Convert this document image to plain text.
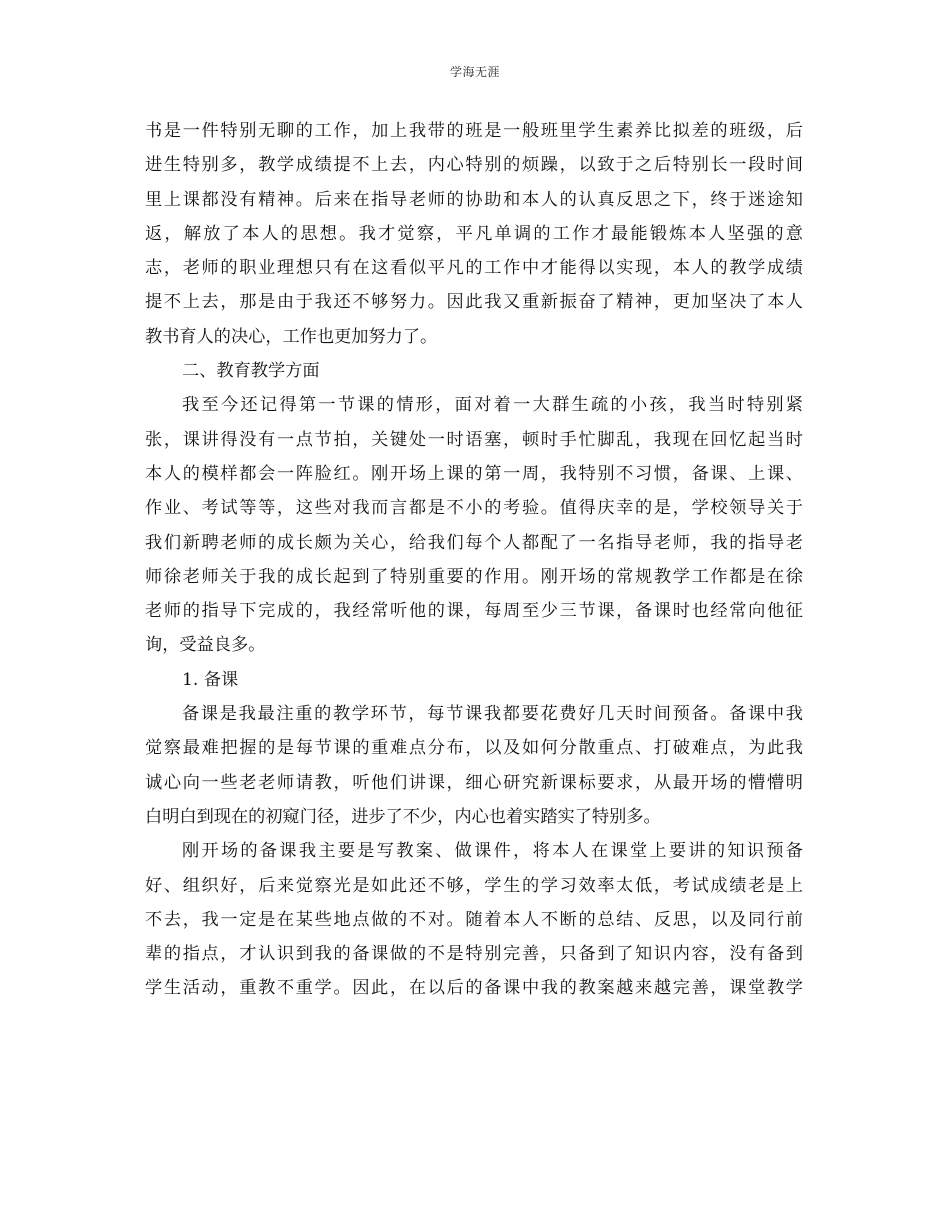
学海无涯
书是一件特别无聊的工作，加上我带的班是一般班里学生素养比拟差的班级，后
进生特别多，教学成绩提不上去，内心特别的烦躁，以致于之后特别长一段时间
里上课都没有精神。后来在指导老师的协助和本人的认真反思之下，终于迷途知
返，解放了本人的思想。我才觉察，平凡单调的工作才最能锻炼本人坚强的意
志，老师的职业理想只有在这看似平凡的工作中才能得以实现，本人的教学成绩
提不上去，那是由于我还不够努力。因此我又重新振奋了精神，更加坚决了本人
教书育人的决心，工作也更加努力了。
二、教育教学方面
我至今还记得第一节课的情形，面对着一大群生疏的小孩，我当时特别紧
张，课讲得没有一点节拍，关键处一时语塞，顿时手忙脚乱，我现在回忆起当时
本人的模样都会一阵脸红。刚开场上课的第一周，我特别不习惯，备课、上课、
作业、考试等等，这些对我而言都是不小的考验。值得庆幸的是，学校领导关于
我们新聘老师的成长颇为关心，给我们每个人都配了一名指导老师，我的指导老
师徐老师关于我的成长起到了特别重要的作用。刚开场的常规教学工作都是在徐
老师的指导下完成的，我经常听他的课，每周至少三节课，备课时也经常向他征
询，受益良多。
1. 备课
备课是我最注重的教学环节，每节课我都要花费好几天时间预备。备课中我
觉察最难把握的是每节课的重难点分布，以及如何分散重点、打破难点，为此我
诚心向一些老老师请教，听他们讲课，细心研究新课标要求，从最开场的懵懵明
白明白到现在的初窥门径，进步了不少，内心也着实踏实了特别多。
刚开场的备课我主要是写教案、做课件，将本人在课堂上要讲的知识预备
好、组织好，后来觉察光是如此还不够，学生的学习效率太低，考试成绩老是上
不去，我一定是在某些地点做的不对。随着本人不断的总结、反思，以及同行前
辈的指点，才认识到我的备课做的不是特别完善，只备到了知识内容，没有备到
学生活动，重教不重学。因此，在以后的备课中我的教案越来越完善，课堂教学
